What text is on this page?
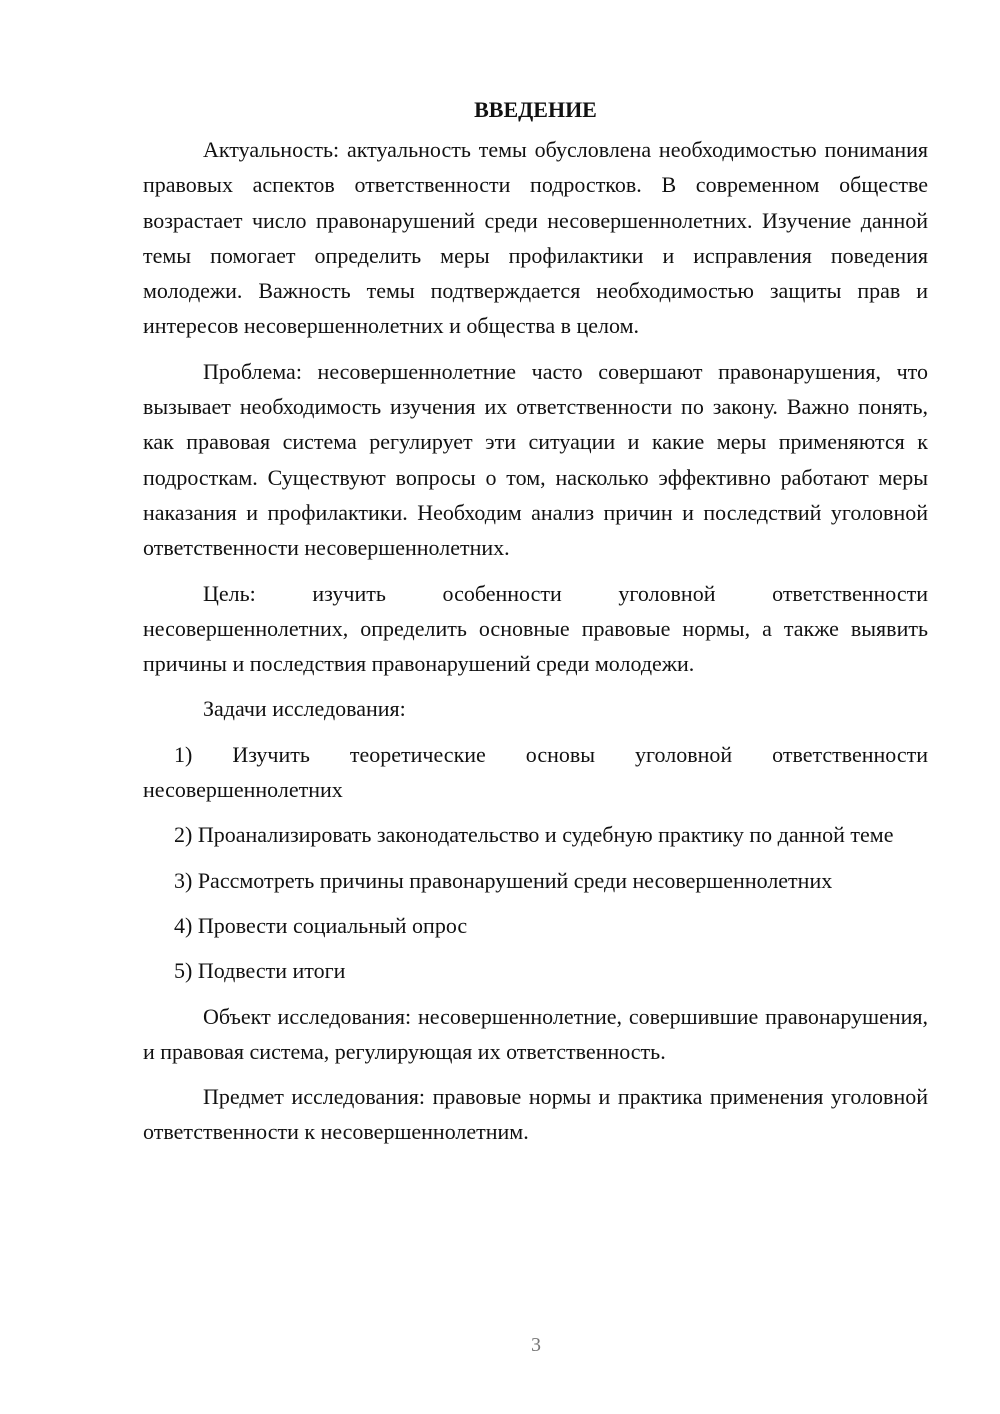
ВВЕДЕНИЕ

Актуальность: актуальность темы обусловлена необходимостью понимания правовых аспектов ответственности подростков. В современном обществе возрастает число правонарушений среди несовершеннолетних. Изучение данной темы помогает определить меры профилактики и исправления поведения молодежи. Важность темы подтверждается необходимостью защиты прав и интересов несовершеннолетних и общества в целом.

Проблема: несовершеннолетние часто совершают правонарушения, что вызывает необходимость изучения их ответственности по закону. Важно понять, как правовая система регулирует эти ситуации и какие меры применяются к подросткам. Существуют вопросы о том, насколько эффективно работают меры наказания и профилактики. Необходим анализ причин и последствий уголовной ответственности несовершеннолетних.

Цель: изучить особенности уголовной ответственности несовершеннолетних, определить основные правовые нормы, а также выявить причины и последствия правонарушений среди молодежи.

Задачи исследования:

1) Изучить теоретические основы уголовной ответственности несовершеннолетних

2) Проанализировать законодательство и судебную практику по данной теме

3) Рассмотреть причины правонарушений среди несовершеннолетних

4) Провести социальный опрос

5) Подвести итоги

Объект исследования: несовершеннолетние, совершившие правонарушения, и правовая система, регулирующая их ответственность.

Предмет исследования: правовые нормы и практика применения уголовной ответственности к несовершеннолетним.

3
